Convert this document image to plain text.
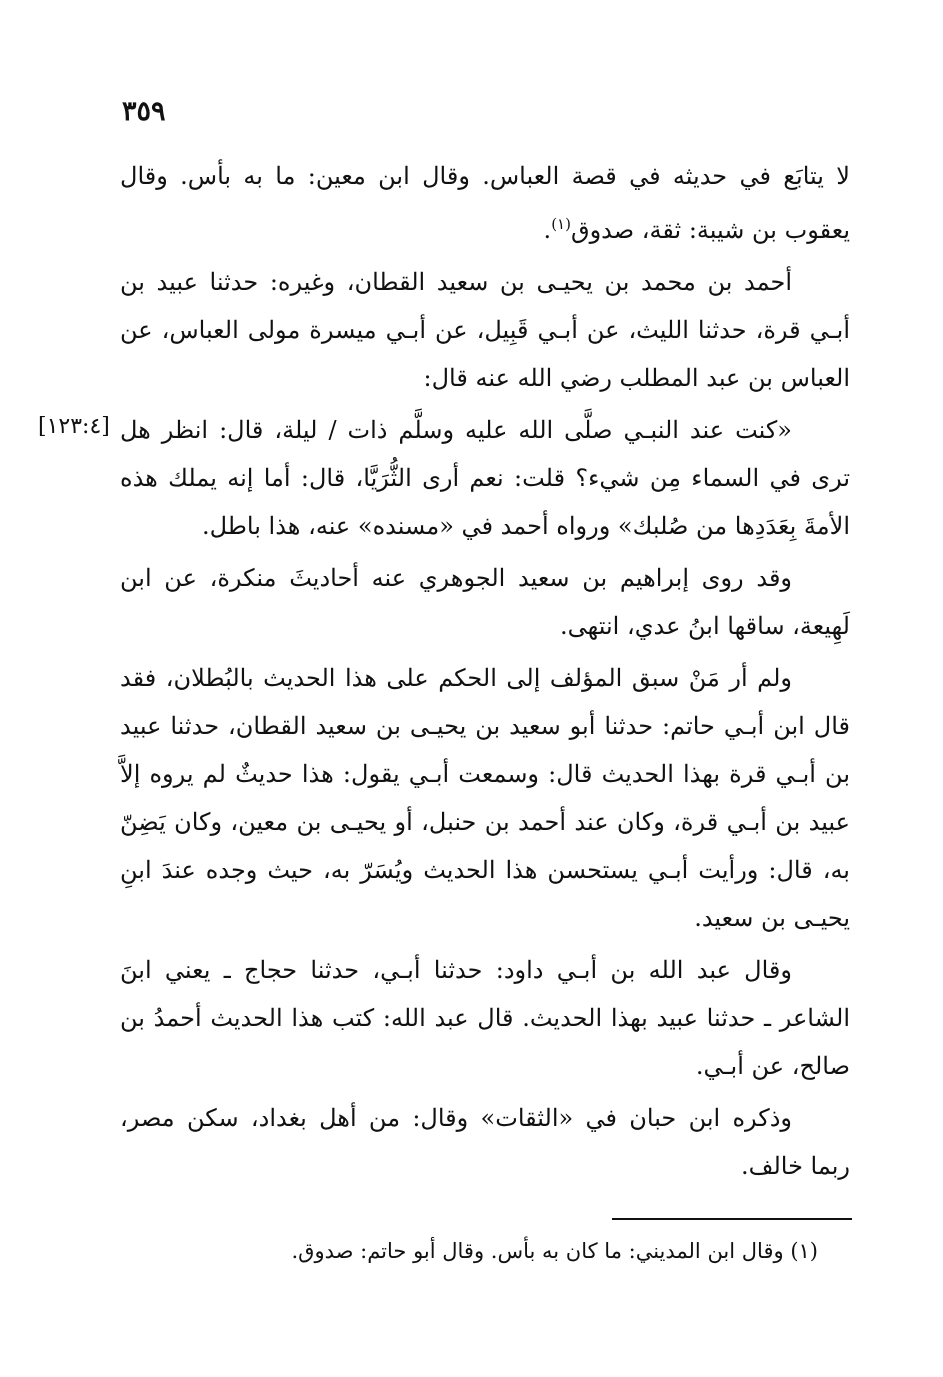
٣٥٩

لا يتابَع في حديثه في قصة العباس. وقال ابن معين: ما به بأس. وقال يعقوب بن شيبة: ثقة، صدوق$^{(١)}$.

أحمد بن محمد بن يحيـى بن سعيد القطان، وغيره: حدثنا عبيد بن أبـي قرة، حدثنا الليث، عن أبـي قَبِيل، عن أبـي ميسرة مولى العباس، عن العباس بن عبد المطلب رضي الله عنه قال:

[١٢٣:٤] «كنت عند النبـي صلَّى الله عليه وسلَّم ذات / ليلة، قال: انظر هل ترى في السماء مِن شيء؟ قلت: نعم أرى الثُّرَيَّا، قال: أما إنه يملك هذه الأمةَ بِعَدَدِها من صُلبك» ورواه أحمد في «مسنده» عنه، هذا باطل.

وقد روى إبراهيم بن سعيد الجوهري عنه أحاديثَ منكرة، عن ابن لَهِيعة، ساقها ابنُ عدي، انتهى.

ولم أر مَنْ سبق المؤلف إلى الحكم على هذا الحديث بالبُطلان، فقد قال ابن أبـي حاتم: حدثنا أبو سعيد بن يحيـى بن سعيد القطان، حدثنا عبيد بن أبـي قرة بهذا الحديث قال: وسمعت أبـي يقول: هذا حديثٌ لم يروه إلاَّ عبيد بن أبـي قرة، وكان عند أحمد بن حنبل، أو يحيـى بن معين، وكان يَضِنّ به، قال: ورأيت أبـي يستحسن هذا الحديث ويُسَرّ به، حيث وجده عندَ ابنِ يحيـى بن سعيد.

وقال عبد الله بن أبـي داود: حدثنا أبـي، حدثنا حجاج ـ يعني ابنَ الشاعر ـ حدثنا عبيد بهذا الحديث. قال عبد الله: كتب هذا الحديث أحمدُ بن صالح، عن أبـي.

وذكره ابن حبان في «الثقات» وقال: من أهل بغداد، سكن مصر، ربما خالف.

(١) وقال ابن المديني: ما كان به بأس. وقال أبو حاتم: صدوق.
